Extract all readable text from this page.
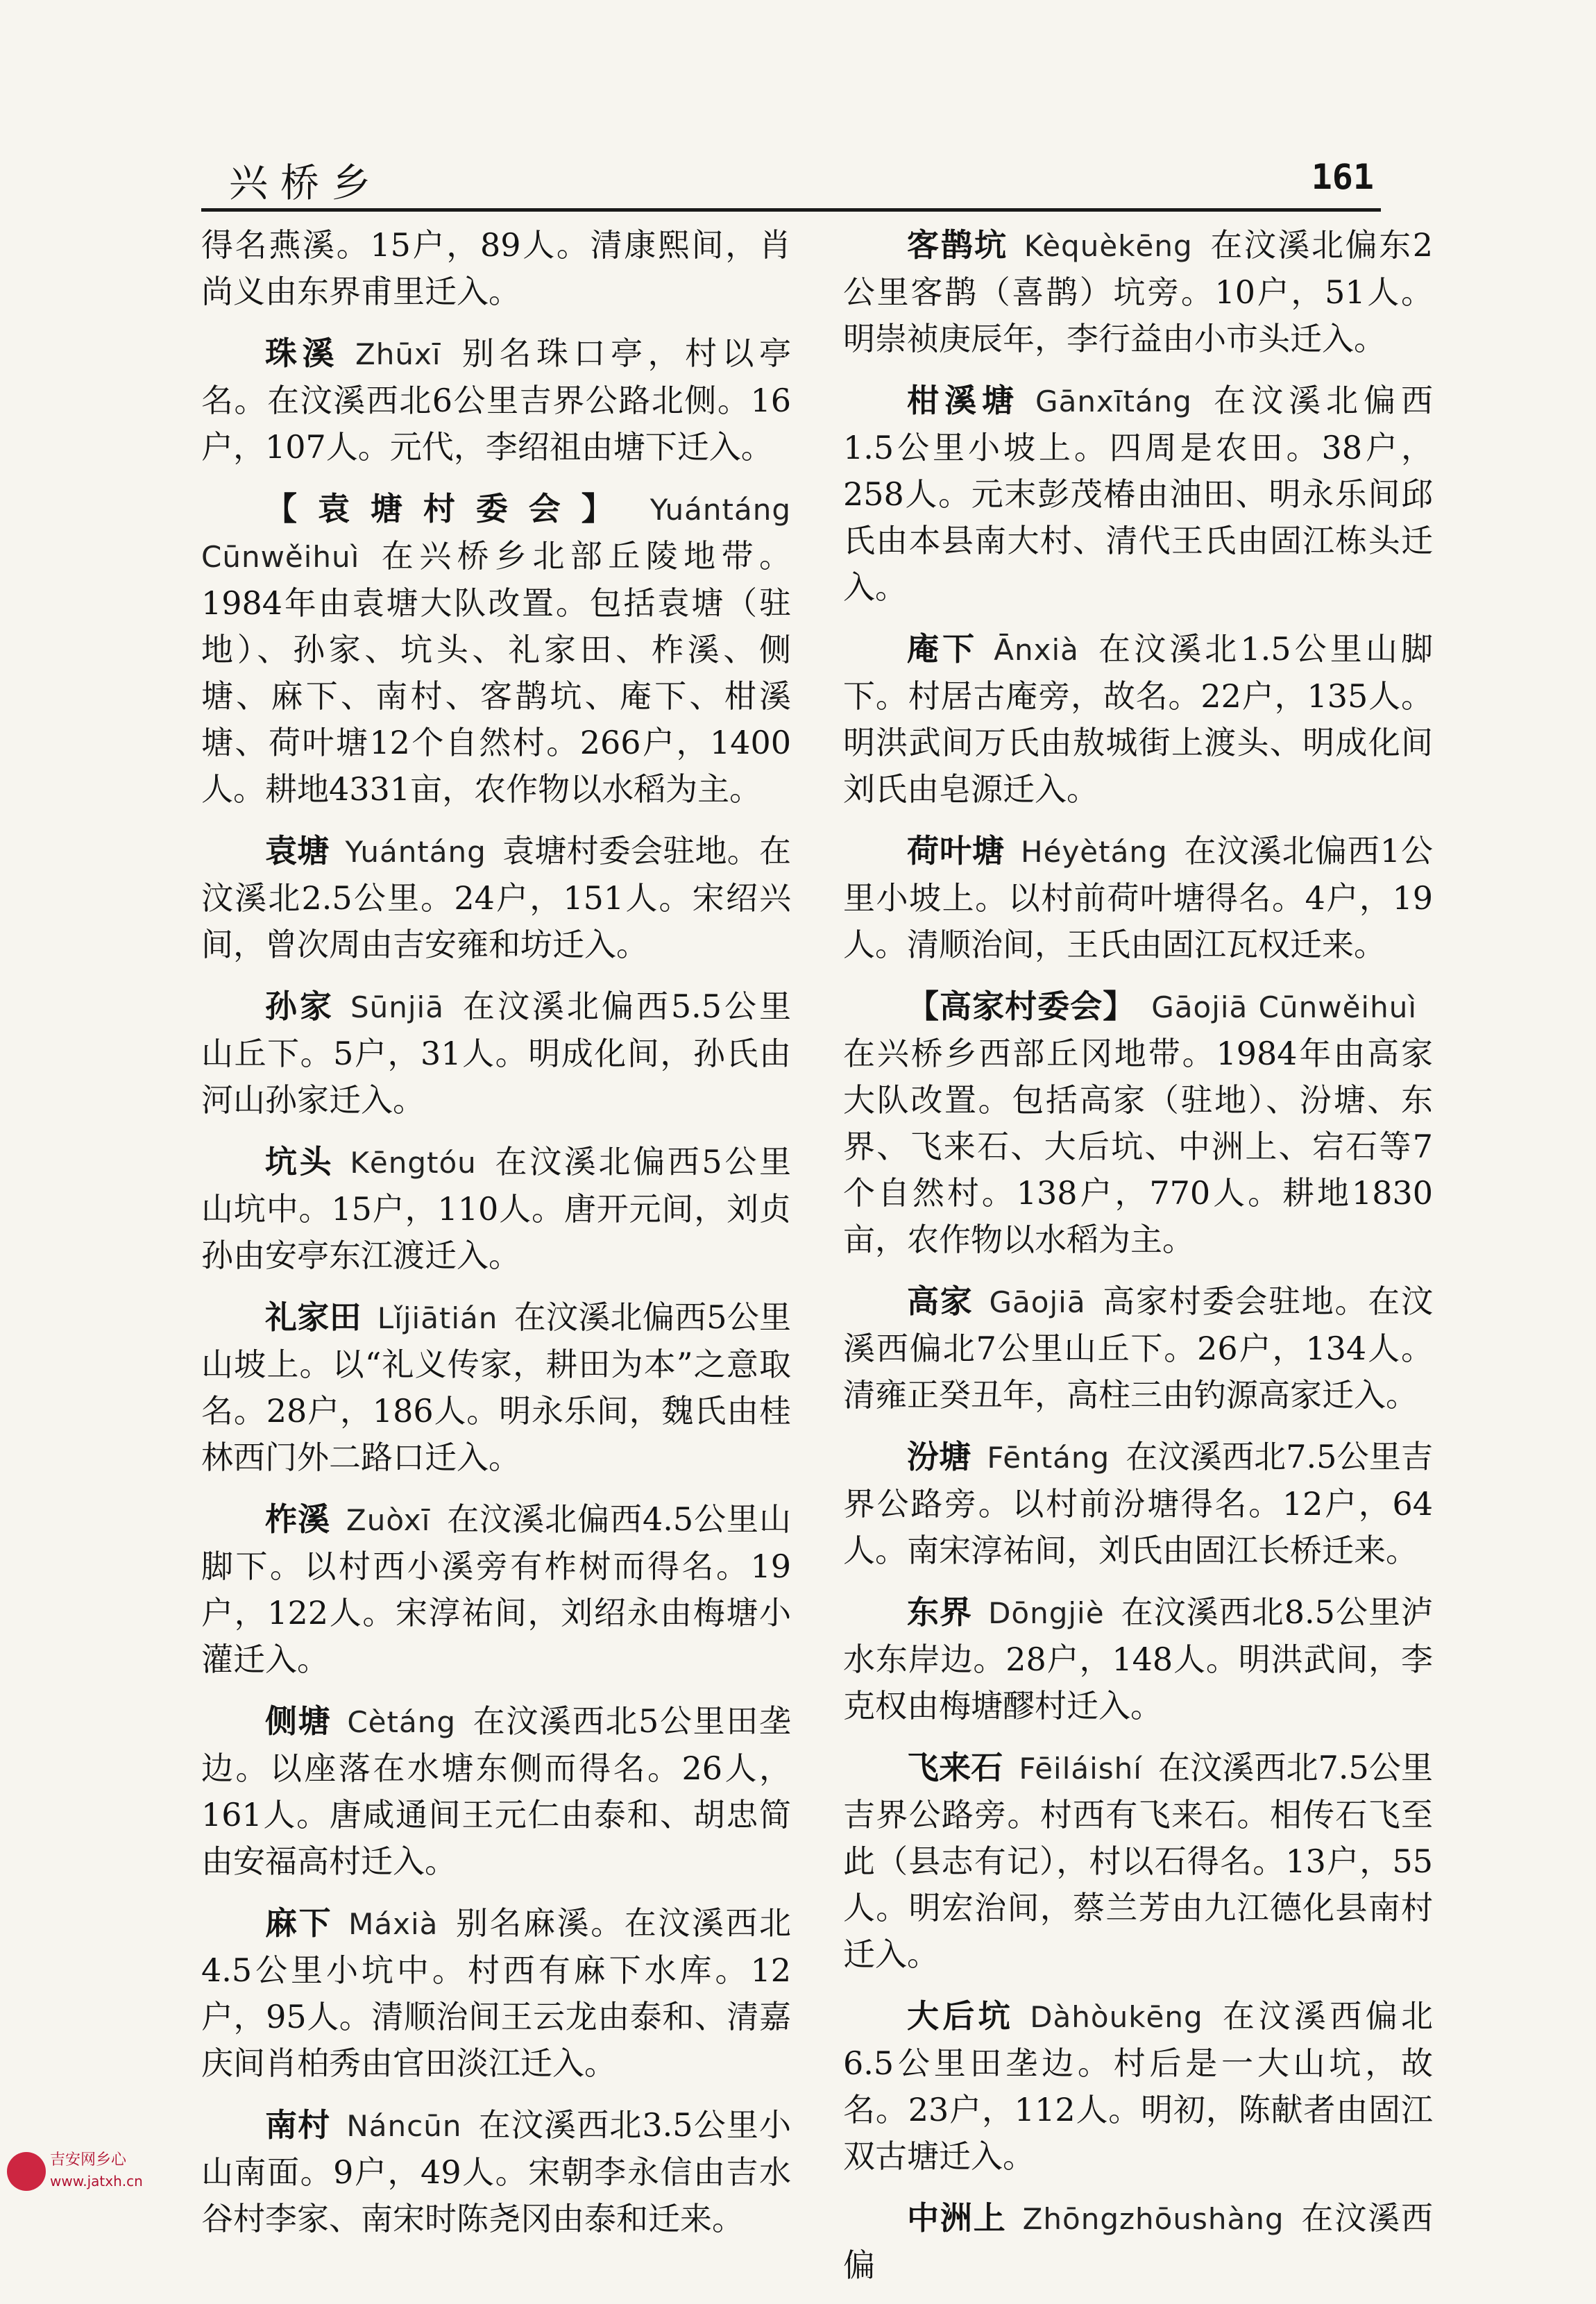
兴桥乡	161

得名燕溪。15户，89人。清康熙间，肖尚义由东界甫里迁入。

珠溪  Zhūxī  别名珠口亭，村以亭名。在汶溪西北6公里吉界公路北侧。16户，107人。元代，李绍祖由塘下迁入。

【袁塘村委会】  Yuántáng Cūnwěihuì  在兴桥乡北部丘陵地带。1984年由袁塘大队改置。包括袁塘（驻地）、孙家、坑头、礼家田、柞溪、侧塘、麻下、南村、客鹊坑、庵下、柑溪塘、荷叶塘12个自然村。266户，1400人。耕地4331亩，农作物以水稻为主。

袁塘  Yuántáng  袁塘村委会驻地。在汶溪北2.5公里。24户，151人。宋绍兴间，曾次周由吉安雍和坊迁入。

孙家  Sūnjiā  在汶溪北偏西5.5公里山丘下。5户，31人。明成化间，孙氏由河山孙家迁入。

坑头  Kēngtóu  在汶溪北偏西5公里山坑中。15户，110人。唐开元间，刘贞孙由安亭东江渡迁入。

礼家田  Lǐjiātián  在汶溪北偏西5公里山坡上。以“礼义传家，耕田为本”之意取名。28户，186人。明永乐间，魏氏由桂林西门外二路口迁入。

柞溪  Zuòxī  在汶溪北偏西4.5公里山脚下。以村西小溪旁有柞树而得名。19户，122人。宋淳祐间，刘绍永由梅塘小灌迁入。

侧塘  Cètáng  在汶溪西北5公里田垄边。以座落在水塘东侧而得名。26人，161人。唐咸通间王元仁由泰和、胡忠简由安福高村迁入。

麻下  Máxià  别名麻溪。在汶溪西北4.5公里小坑中。村西有麻下水库。12户，95人。清顺治间王云龙由泰和、清嘉庆间肖柏秀由官田淡江迁入。

南村  Náncūn  在汶溪西北3.5公里小山南面。9户，49人。宋朝李永信由吉水谷村李家、南宋时陈尧冈由泰和迁来。

客鹊坑  Kèquèkēng  在汶溪北偏东2公里客鹊（喜鹊）坑旁。10户，51人。明崇祯庚辰年，李行益由小市头迁入。

柑溪塘  Gānxītáng  在汶溪北偏西1.5公里小坡上。四周是农田。38户，258人。元末彭茂椿由油田、明永乐间邱氏由本县南大村、清代王氏由固江栋头迁入。

庵下  Ānxià  在汶溪北1.5公里山脚下。村居古庵旁，故名。22户，135人。明洪武间万氏由敖城街上渡头、明成化间刘氏由皂源迁入。

荷叶塘  Héyètáng  在汶溪北偏西1公里小坡上。以村前荷叶塘得名。4户，19人。清顺治间，王氏由固江瓦权迁来。

【高家村委会】  Gāojiā Cūnwěihuì 在兴桥乡西部丘冈地带。1984年由高家大队改置。包括高家（驻地）、汾塘、东界、飞来石、大后坑、中洲上、宕石等7个自然村。138户，770人。耕地1830亩，农作物以水稻为主。

高家  Gāojiā  高家村委会驻地。在汶溪西偏北7公里山丘下。26户，134人。清雍正癸丑年，高柱三由钓源高家迁入。

汾塘  Fēntáng  在汶溪西北7.5公里吉界公路旁。以村前汾塘得名。12户，64人。南宋淳祐间，刘氏由固江长桥迁来。

东界  Dōngjiè  在汶溪西北8.5公里泸水东岸边。28户，148人。明洪武间，李克权由梅塘醪村迁入。

飞来石  Fēiláishí  在汶溪西北7.5公里吉界公路旁。村西有飞来石。相传石飞至此（县志有记），村以石得名。13户，55人。明宏治间，蔡兰芳由九江德化县南村迁入。

大后坑  Dàhòukēng  在汶溪西偏北6.5公里田垄边。村后是一大山坑，故名。23户，112人。明初，陈献者由固江双古塘迁入。

中洲上  Zhōngzhōushàng  在汶溪西偏

吉安网乡心
www.jatxh.cn
